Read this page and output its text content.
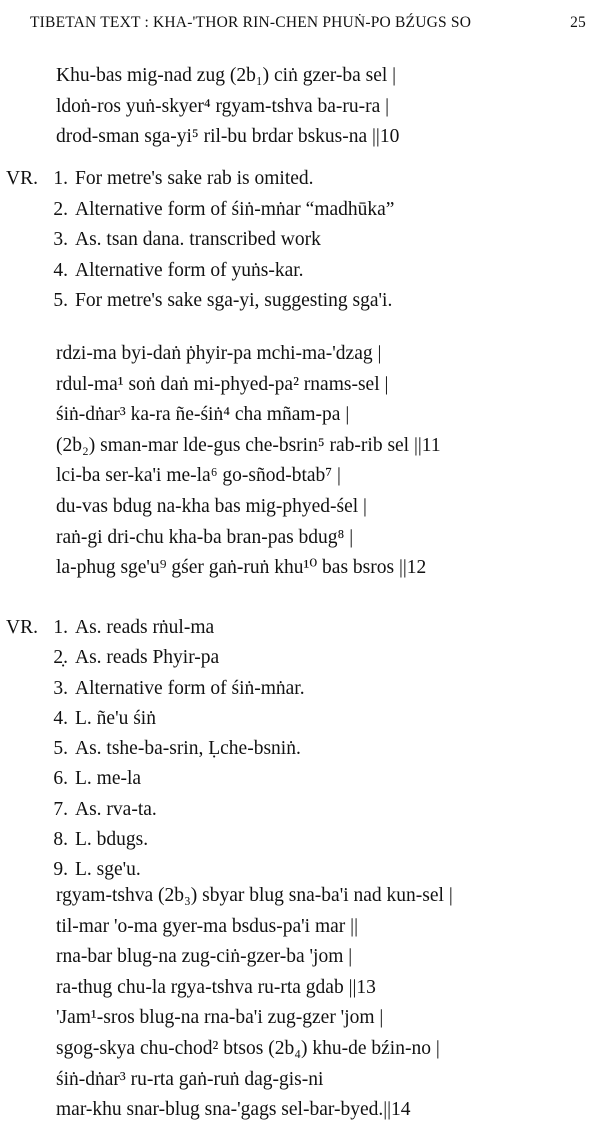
TIBETAN TEXT : KHA-'THOR RIN-CHEN PHUṄ-PO BŹUGS SO	25
Khu-bas mig-nad zug (2b₁) ciṅ gzer-ba sel |
ldoṅ-ros yuṅ-skyer⁴ rgyam-tshva ba-ru-ra |
drod-sman sga-yi⁵ ril-bu brdar bskus-na ||10
VR. 1. For metre's sake rab is omited.
2. Alternative form of śiṅ-mṅar “madhūka”
3. As. tsan dana. transcribed work
4. Alternative form of yuṅs-kar.
5. For metre's sake sga-yi, suggesting sga'i.
rdzi-ma byi-daṅ ṗhyir-pa mchi-ma-'dzag |
rdul-ma¹ soṅ daṅ mi-phyed-pa² rnams-sel |
śiṅ-dṅar³ ka-ra ñe-śiṅ⁴ cha mñam-pa |
(2b₂) sman-mar lde-gus che-bsrin⁵ rab-rib sel ||11
lci-ba ser-ka'i me-la⁶ go-sñod-btab⁷ |
du-vas bdug na-kha bas mig-phyed-śel |
raṅ-gi dri-chu kha-ba bran-pas bdug⁸ |
la-phug sge'u⁹ gśer gaṅ-ruṅ khu¹⁰ bas bsros ||12
VR. 1. As. reads rṅul-ma
2̣. As. reads Phyir-pa
3. Alternative form of śiṅ-mṅar.
4. L. ñe'u śiṅ
5. As. tshe-ba-srin, Ḷche-bsniṅ.
6. L. me-la
7. As. rva-ta.
8. L. bdugs.
9. L. sge'u.
rgyam-tshva (2b₃) sbyar blug sna-ba'i nad kun-sel |
til-mar 'o-ma gyer-ma bsdus-pa'i mar ||
rna-bar blug-na zug-ciṅ-gzer-ba 'jom |
ra-thug chu-la rgya-tshva ru-rta gdab ||13
'Jam¹-sros blug-na rna-ba'i zug-gzer 'jom |
sgog-skya chu-chod² btsos (2b₄) khu-de bźin-no |
śiṅ-dṅar³ ru-rta gaṅ-ruṅ dag-gis-ni
mar-khu snar-blug sna-'gags sel-bar-byed.||14
